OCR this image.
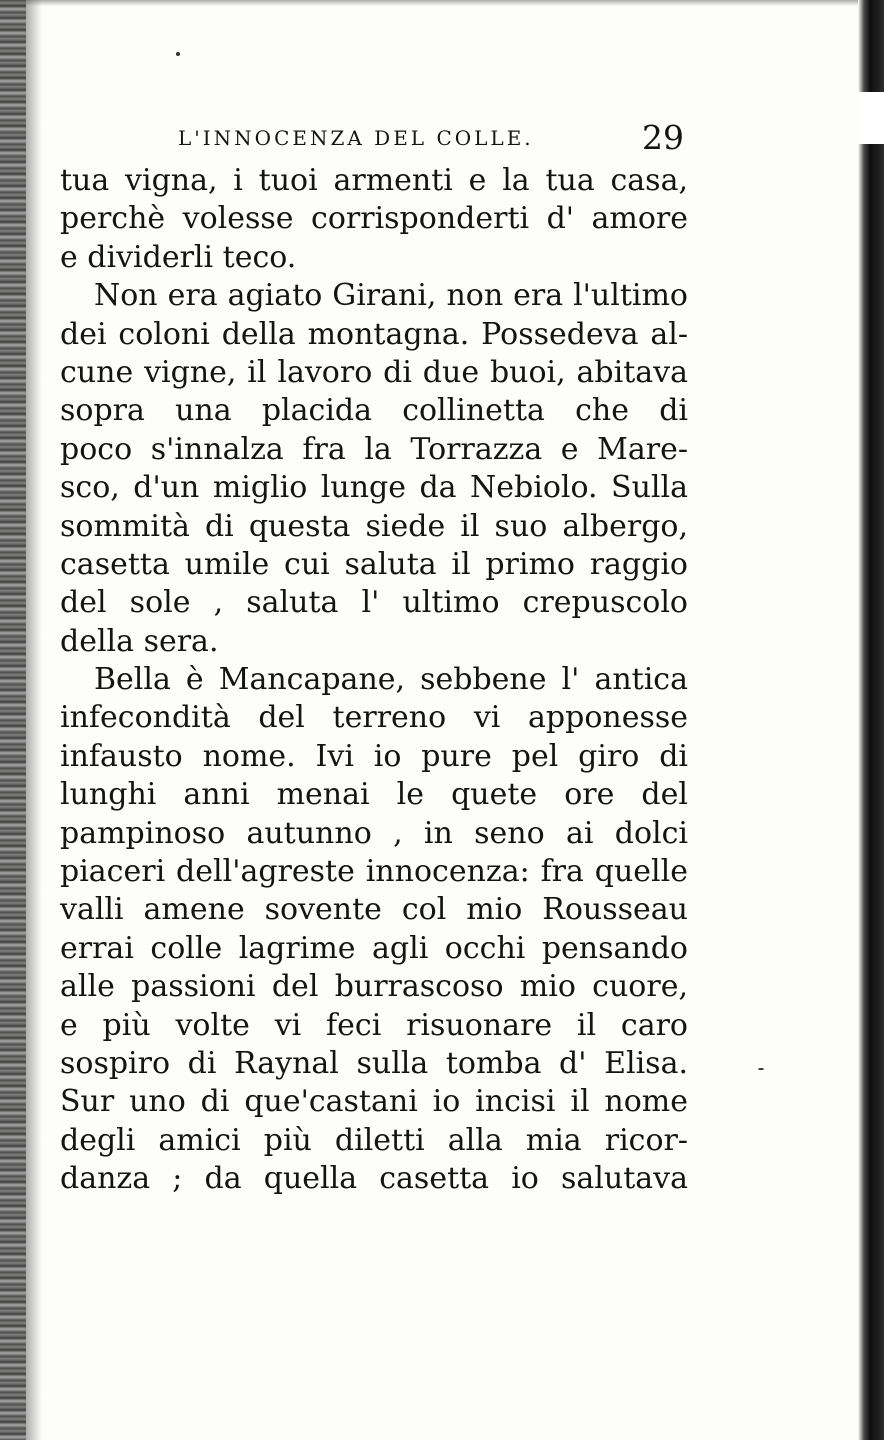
L'INNOCENZA DEL COLLE.	29
tua vigna, i tuoi armenti e la tua casa,
perchè volesse corrisponderti d' amore
e dividerli teco.
Non era agiato Girani, non era l'ultimo
dei coloni della montagna. Possedeva al-
cune vigne, il lavoro di due buoi, abitava
sopra una placida collinetta che di
poco s'innalza fra la Torrazza e Mare-
sco, d'un miglio lunge da Nebiolo. Sulla
sommità di questa siede il suo albergo,
casetta umile cui saluta il primo raggio
del sole , saluta l' ultimo crepuscolo
della sera.
Bella è Mancapane, sebbene l' antica
infecondità del terreno vi apponesse
infausto nome. Ivi io pure pel giro di
lunghi anni menai le quete ore del
pampinoso autunno , in seno ai dolci
piaceri dell'agreste innocenza: fra quelle
valli amene sovente col mio Rousseau
errai colle lagrime agli occhi pensando
alle passioni del burrascoso mio cuore,
e più volte vi feci risuonare il caro
sospiro di Raynal sulla tomba d' Elisa.
Sur uno di que'castani io incisi il nome
degli amici più diletti alla mia ricor-
danza ; da quella casetta io salutava
